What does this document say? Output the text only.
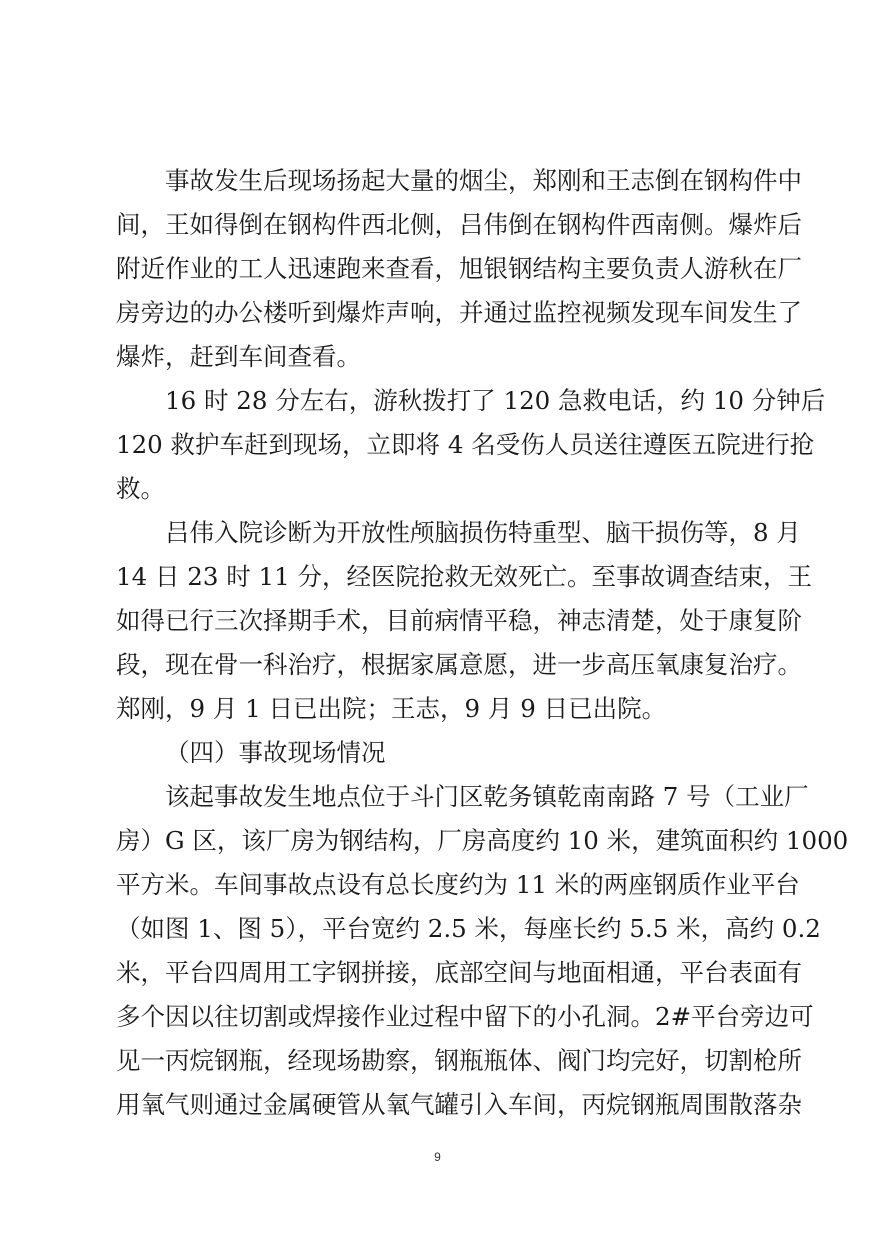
事故发生后现场扬起大量的烟尘，郑刚和王志倒在钢构件中
间，王如得倒在钢构件西北侧，吕伟倒在钢构件西南侧。爆炸后
附近作业的工人迅速跑来查看，旭银钢结构主要负责人游秋在厂
房旁边的办公楼听到爆炸声响，并通过监控视频发现车间发生了
爆炸，赶到车间查看。
16 时 28 分左右，游秋拨打了 120 急救电话，约 10 分钟后
120 救护车赶到现场，立即将 4 名受伤人员送往遵医五院进行抢
救。
吕伟入院诊断为开放性颅脑损伤特重型、脑干损伤等，8 月
14 日 23 时 11 分，经医院抢救无效死亡。至事故调查结束，王
如得已行三次择期手术，目前病情平稳，神志清楚，处于康复阶
段，现在骨一科治疗，根据家属意愿，进一步高压氧康复治疗。
郑刚，9 月 1 日已出院；王志，9 月 9 日已出院。
（四）事故现场情况
该起事故发生地点位于斗门区乾务镇乾南南路 7 号（工业厂
房）G 区，该厂房为钢结构，厂房高度约 10 米，建筑面积约 1000
平方米。车间事故点设有总长度约为 11 米的两座钢质作业平台
（如图 1、图 5），平台宽约 2.5 米，每座长约 5.5 米，高约 0.2
米，平台四周用工字钢拼接，底部空间与地面相通，平台表面有
多个因以往切割或焊接作业过程中留下的小孔洞。2#平台旁边可
见一丙烷钢瓶，经现场勘察，钢瓶瓶体、阀门均完好，切割枪所
用氧气则通过金属硬管从氧气罐引入车间，丙烷钢瓶周围散落杂
9
